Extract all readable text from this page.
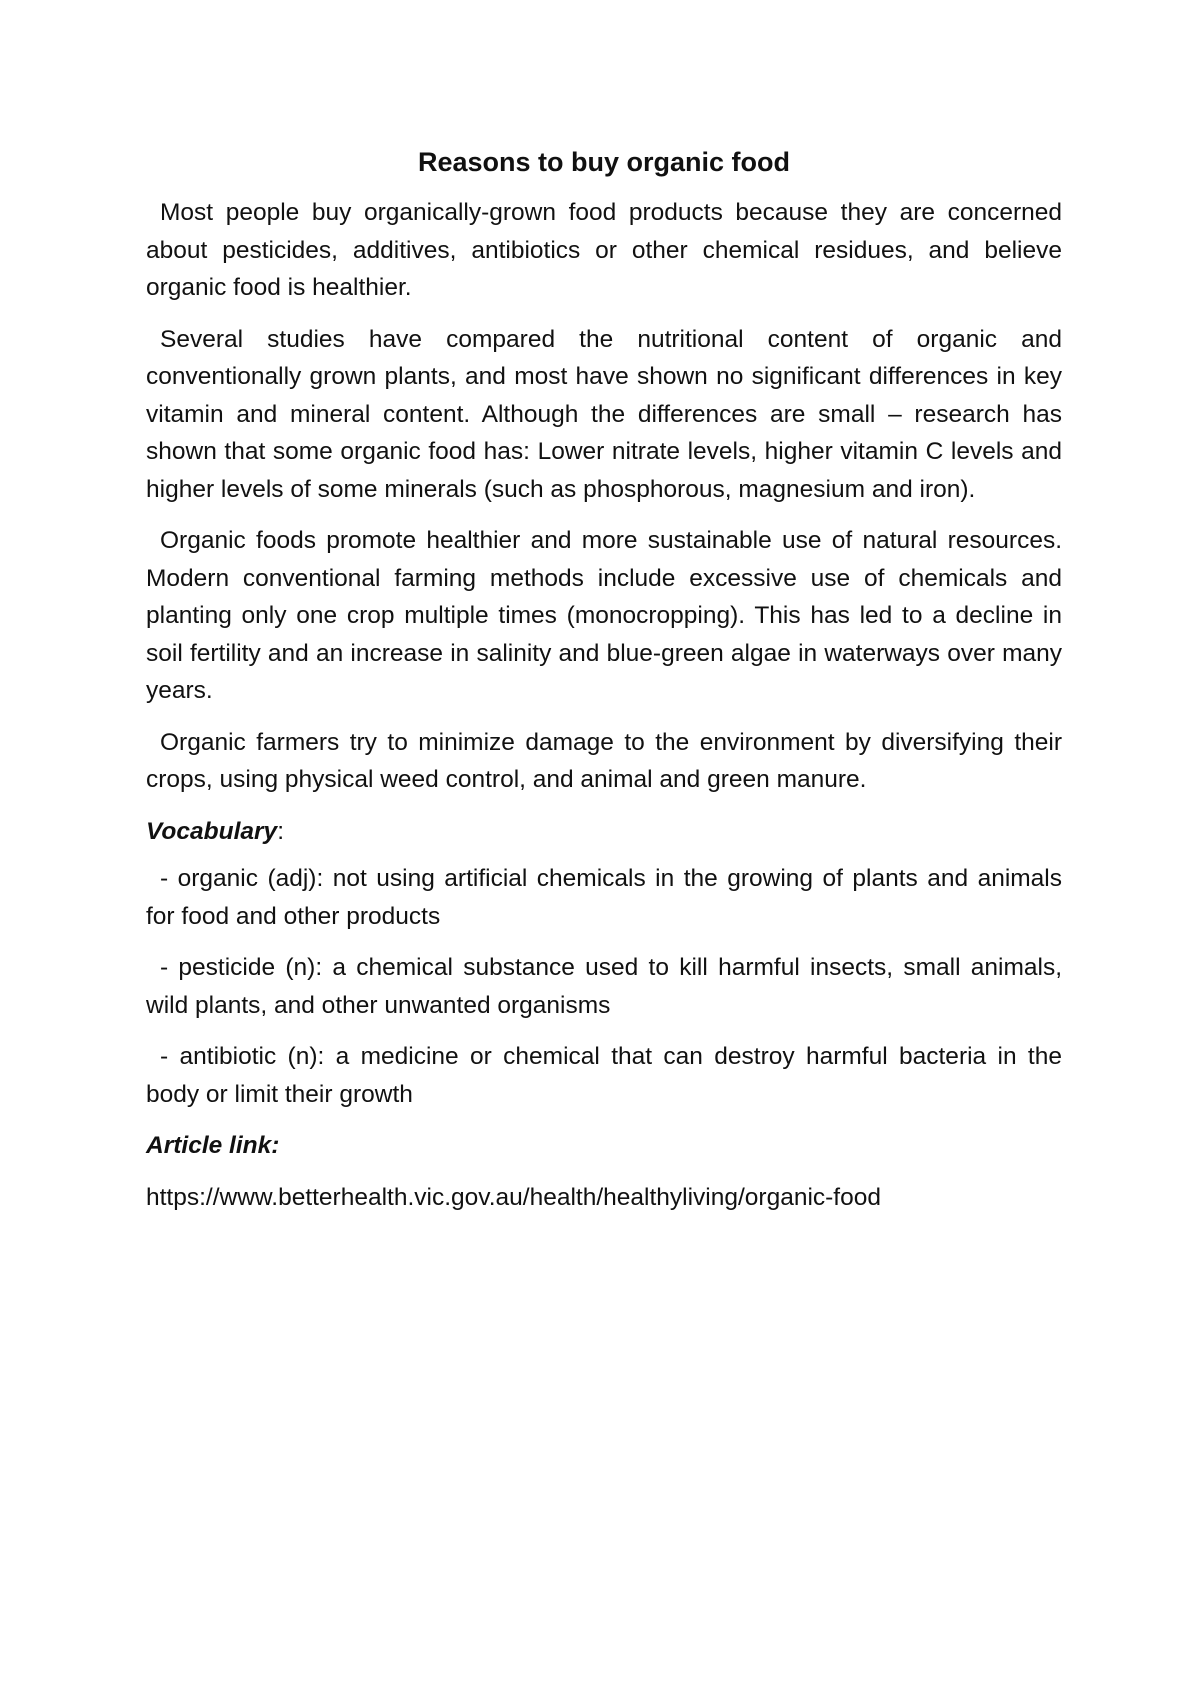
Reasons to buy organic food

Most people buy organically-grown food products because they are concerned about pesticides, additives, antibiotics or other chemical residues, and believe organic food is healthier.

Several studies have compared the nutritional content of organic and conventionally grown plants, and most have shown no significant differences in key vitamin and mineral content. Although the differences are small – research has shown that some organic food has: Lower nitrate levels, higher vitamin C levels and higher levels of some minerals (such as phosphorous, magnesium and iron).

Organic foods promote healthier and more sustainable use of natural resources. Modern conventional farming methods include excessive use of chemicals and planting only one crop multiple times (monocropping). This has led to a decline in soil fertility and an increase in salinity and blue-green algae in waterways over many years.

Organic farmers try to minimize damage to the environment by diversifying their crops, using physical weed control, and animal and green manure.

Vocabulary:

- organic (adj): not using artificial chemicals in the growing of plants and animals for food and other products

- pesticide (n): a chemical substance used to kill harmful insects, small animals, wild plants, and other unwanted organisms

- antibiotic (n): a medicine or chemical that can destroy harmful bacteria in the body or limit their growth

Article link:
https://www.betterhealth.vic.gov.au/health/healthyliving/organic-food
